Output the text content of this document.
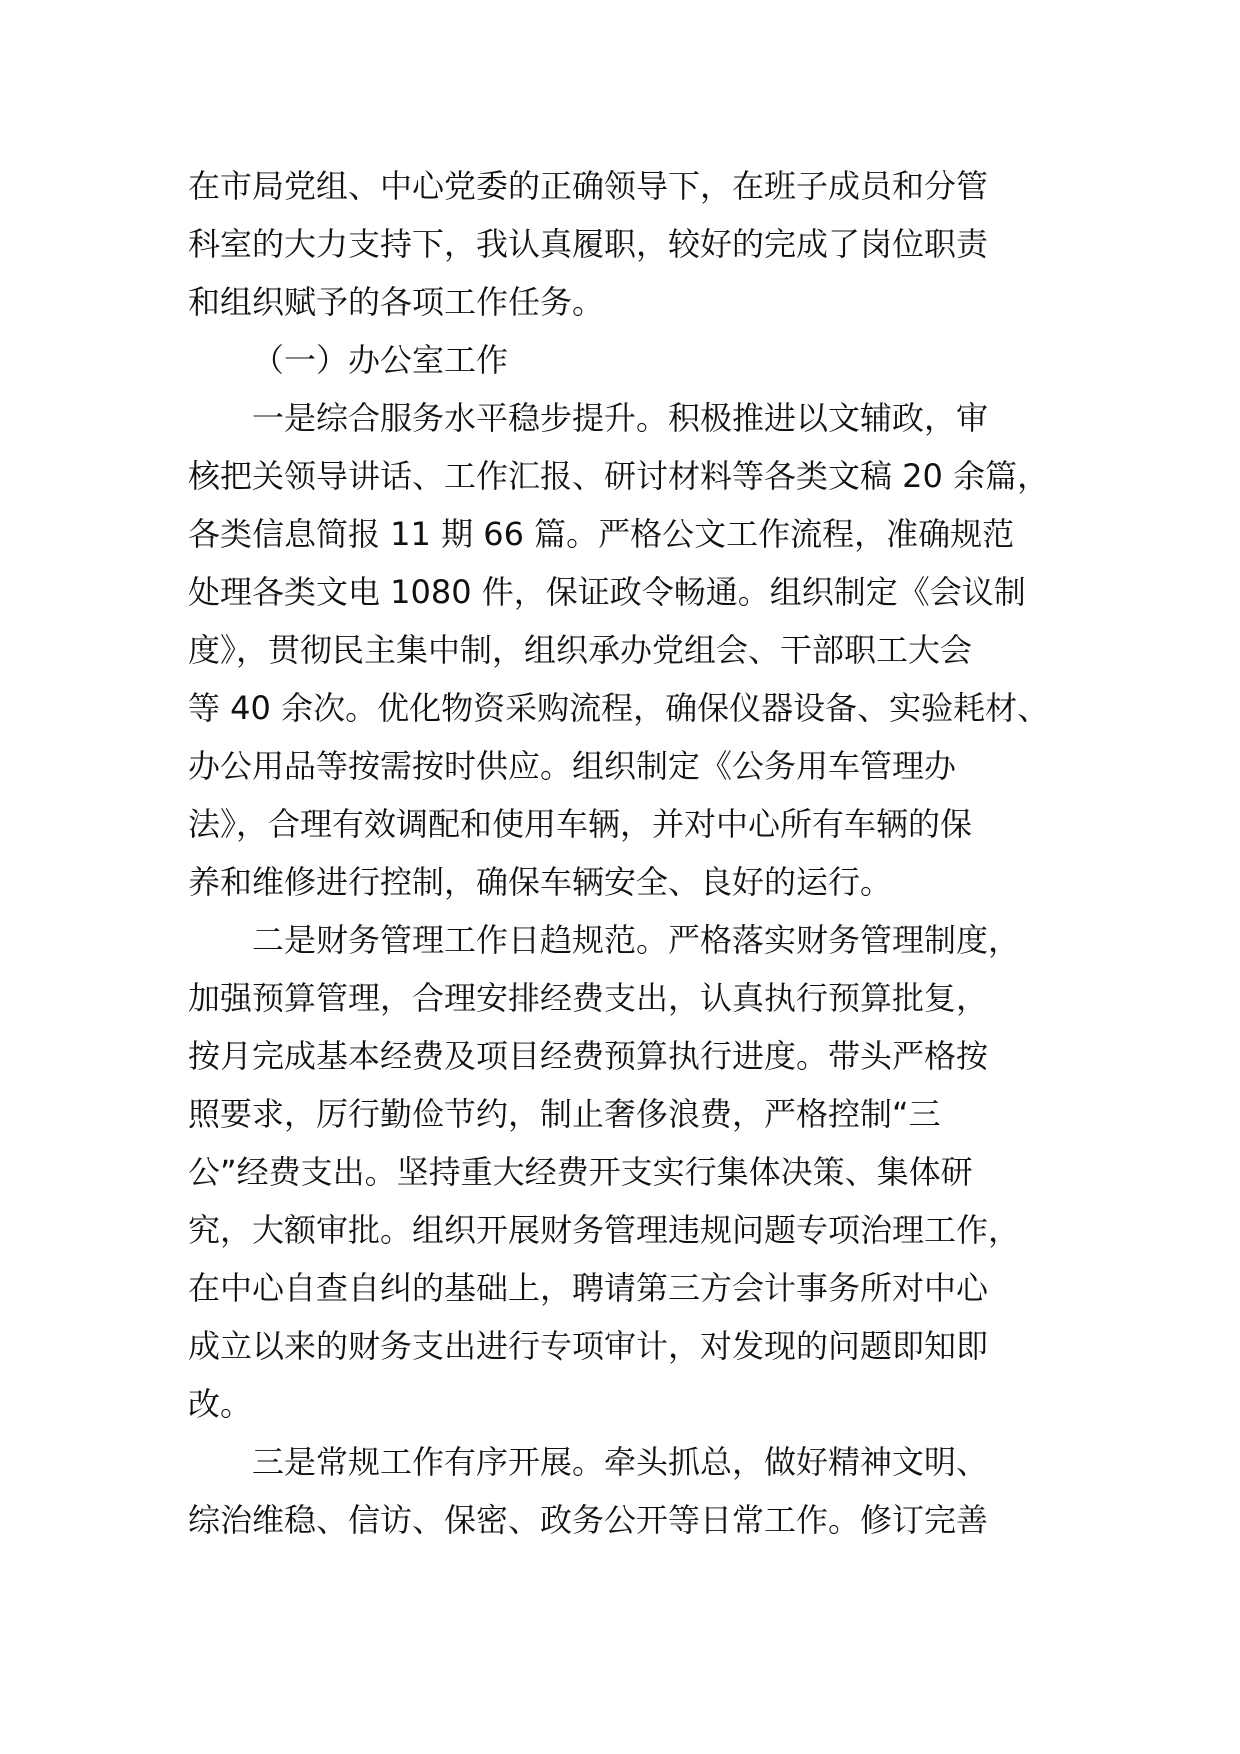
在市局党组、中心党委的正确领导下，在班子成员和分管
科室的大力支持下，我认真履职，较好的完成了岗位职责
和组织赋予的各项工作任务。
（一）办公室工作
一是综合服务水平稳步提升。积极推进以文辅政，审
核把关领导讲话、工作汇报、研讨材料等各类文稿 20 余篇，
各类信息简报 11 期 66 篇。严格公文工作流程，准确规范
处理各类文电 1080 件，保证政令畅通。组织制定《会议制
度》，贯彻民主集中制，组织承办党组会、干部职工大会
等 40 余次。优化物资采购流程，确保仪器设备、实验耗材、
办公用品等按需按时供应。组织制定《公务用车管理办
法》，合理有效调配和使用车辆，并对中心所有车辆的保
养和维修进行控制，确保车辆安全、良好的运行。
二是财务管理工作日趋规范。严格落实财务管理制度，
加强预算管理，合理安排经费支出，认真执行预算批复，
按月完成基本经费及项目经费预算执行进度。带头严格按
照要求，厉行勤俭节约，制止奢侈浪费，严格控制“三
公”经费支出。坚持重大经费开支实行集体决策、集体研
究，大额审批。组织开展财务管理违规问题专项治理工作，
在中心自查自纠的基础上，聘请第三方会计事务所对中心
成立以来的财务支出进行专项审计，对发现的问题即知即
改。
三是常规工作有序开展。牵头抓总，做好精神文明、
综治维稳、信访、保密、政务公开等日常工作。修订完善
